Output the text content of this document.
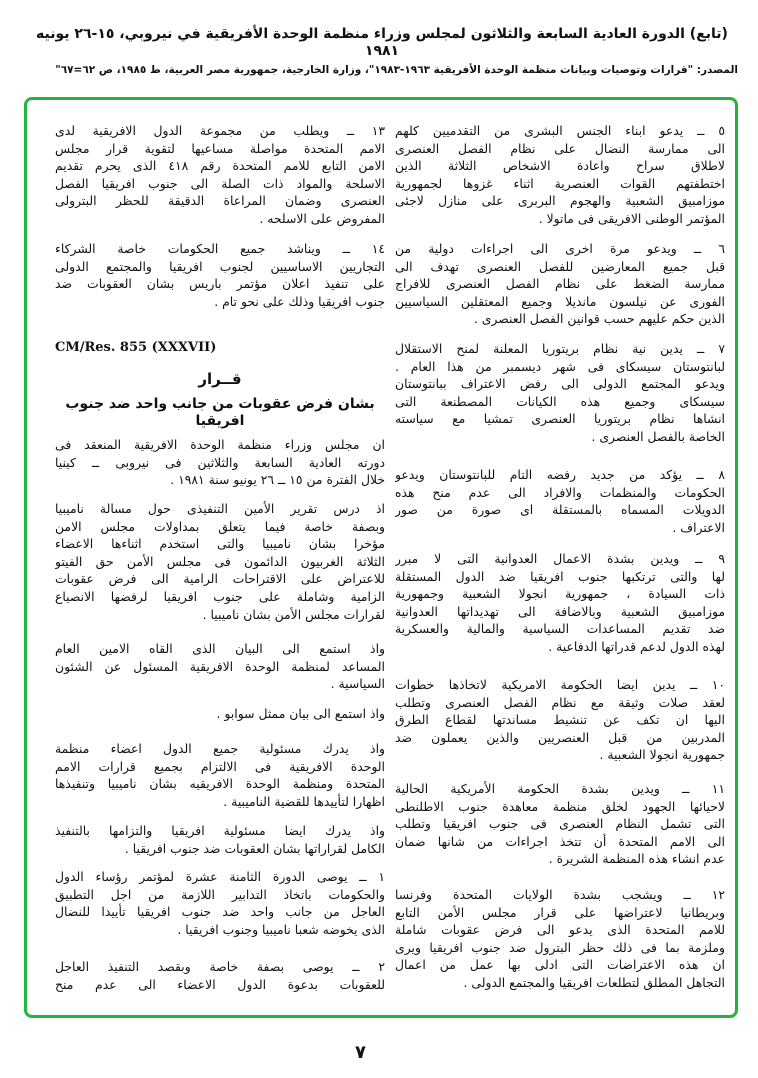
(تابع) الدورة العادية السابعة والثلاثون لمجلس وزراء منظمة الوحدة الأفريقية في نيروبي، ١٥-٢٦ يونيه ١٩٨١
المصدر: "قرارات وتوصيات وبيانات منظمة الوحدة الأفريقية ١٩٦٣-١٩٨٣"، وزارة الخارجية، جمهورية مصر العربية، ط ١٩٨٥، ص ٦٢=٦٧"
٥ ــ يدعو ابناء الجنس البشرى من التقدميين كلهم
الى ممارسة النضال على نظام الفصل العنصرى
لاطلاق سراح واعادة الاشخاص الثلاثة الذين
اختطفتهم القوات العنصرية اثناء غزوها لجمهورية
موزامبيق الشعبية والهجوم البربرى على منازل لاجئى
المؤتمر الوطنى الافريقى فى ماتولا .
٦ ــ ويدعو مرة اخرى الى اجراءات دولية من
قبل جميع المعارضين للفصل العنصرى تهدف الى
ممارسة الضغط على نظام الفصل العنصرى للافراج
الفورى عن نيلسون مانديلا وجميع المعتقلين السياسيين
الذين حكم عليهم حسب قوانين الفصل العنصرى .
٧ ــ يدين نية نظام بريتوريا المعلنة لمنح الاستقلال
لبانتوستان سيسكاى فى شهر ديسمبر من هذا العام .
ويدعو المجتمع الدولى الى رفض الاعتراف ببانتوستان
سيسكاى وجميع هذه الكيانات المصطنعة التى
انشاها نظام بريتوريا العنصرى تمشيا مع سياسته
الخاصة بالفصل العنصرى .
٨ ــ يؤكد من جديد رفضه التام للبانتوستان ويدعو
الحكومات والمنظمات والافراد الى عدم منح هذه
الدويلات المسماه بالمستقلة اى صورة من صور
الاعتراف .
٩ ــ ويدين بشدة الاعمال العدوانية التى لا مبرر
لها والتى ترتكبها جنوب افريقيا ضد الدول المستقلة
ذات السيادة ، جمهورية انجولا الشعبية وجمهورية
موزامبيق الشعبية وبالاضافة الى تهديداتها العدوانية
ضد تقديم المساعدات السياسية والمالية والعسكرية
لهذه الدول لدعم قدراتها الدفاعية .
١٠ ــ يدين ايضا الحكومة الامريكية لاتخاذها خطوات
لعقد صلات وثيقة مع نظام الفصل العنصرى وتطلب
اليها ان تكف عن تنشيط مساندتها لقطاع الطرق
المدربين من قبل العنصريين والذين يعملون ضد
جمهورية انجولا الشعبية .
١١ ــ ويدين بشدة الحكومة الأمريكية الحالية
لاحيائها الجهود لخلق منظمة معاهدة جنوب الاطلنطى
التى تشمل النظام العنصرى فى جنوب افريقيا وتطلب
الى الامم المتحدة أن تتخذ اجراءات من شانها ضمان
عدم انشاء هذه المنظمة الشريرة .
١٢ ــ ويشجب بشدة الولايات المتحدة وفرنسا
وبريطانيا لاعتراضها على قرار مجلس الأمن التابع
للامم المتحدة الذى يدعو الى فرض عقوبات شاملة
وملزمة بما فى ذلك حظر البترول ضد جنوب افريقيا ويرى
ان هذه الاعتراضات التى ادلى بها عمل من اعمال
التجاهل المطلق لتطلعات افريقيا والمجتمع الدولى .
١٣ ــ ويطلب من مجموعة الدول الافريقية لدى
الامم المتحدة مواصلة مساعيها لتقوية قرار مجلس
الامن التابع للامم المتحدة رقم ٤١٨ الذى يحرم تقديم
الاسلحة والمواد ذات الصلة الى جنوب افريقيا الفصل
العنصرى وضمان المراعاة الدقيقة للحظر البترولى
المفروض على الاسلحه .
١٤ ــ ويناشد جميع الحكومات خاصة الشركاء
التجاريين الاساسيين لجنوب افريقيا والمجتمع الدولى
على تنفيذ اعلان مؤتمر باريس بشان العقوبات ضد
جنوب افريقيا وذلك على نحو تام .
ان مجلس وزراء منظمة الوحدة الافريقية المنعقد فى
دورته العادية السابعة والثلاثين فى نيروبى ــ كينيا
خلال الفترة من ١٥ ــ ٢٦ يونيو سنة ١٩٨١ .
اذ درس تقرير الأمين التنفيذى حول مسالة ناميبيا
وبصفة خاصة فيما يتعلق بمداولات مجلس الامن
مؤخرا بشان ناميبيا والتى استخدم اثناءها الاعضاء
الثلاثة الغربيون الدائمون فى مجلس الأمن حق الفيتو
للاعتراض على الاقتراحات الرامية الى فرض عقوبات
الزامية وشاملة على جنوب افريقيا لرفضها الانصياع
لقرارات مجلس الأمن بشان ناميبيا .
واذ استمع الى البيان الذى القاه الامين العام
المساعد لمنظمة الوحدة الافريقية المسئول عن الشئون
السياسية .
واذ استمع الى بيان ممثل سوابو .
واذ يدرك مسئولية جميع الدول اعضاء منظمة
الوحدة الافريقية فى الالتزام بجميع قرارات الامم
المتحدة ومنظمة الوحدة الافريقيه بشان ناميبيا وتنفيذها
اظهارا لتأييدها للقضية الناميبية .
واذ يدرك ايضا مسئولية افريقيا والتزامها بالتنفيذ
الكامل لقراراتها بشان العقوبات ضد جنوب افريقيا .
١ ــ يوصى الدورة الثامنة عشرة لمؤتمر رؤساء الدول
والحكومات باتخاذ التدابير اللازمة من اجل التطبيق
العاجل من جانب واحد ضد جنوب افريقيا تأييدا للنضال
الذى يخوضه شعبا ناميبيا وجنوب افريقيا .
٢ ــ يوصى بصفة خاصة وبقصد التنفيذ العاجل
للعقوبات بدعوة الدول الاعضاء الى عدم منح
CM/Res. 855 (XXXVII)
قــرار
بشان فرض عقوبات من جانب واحد ضد جنوب افريقيا
٧
